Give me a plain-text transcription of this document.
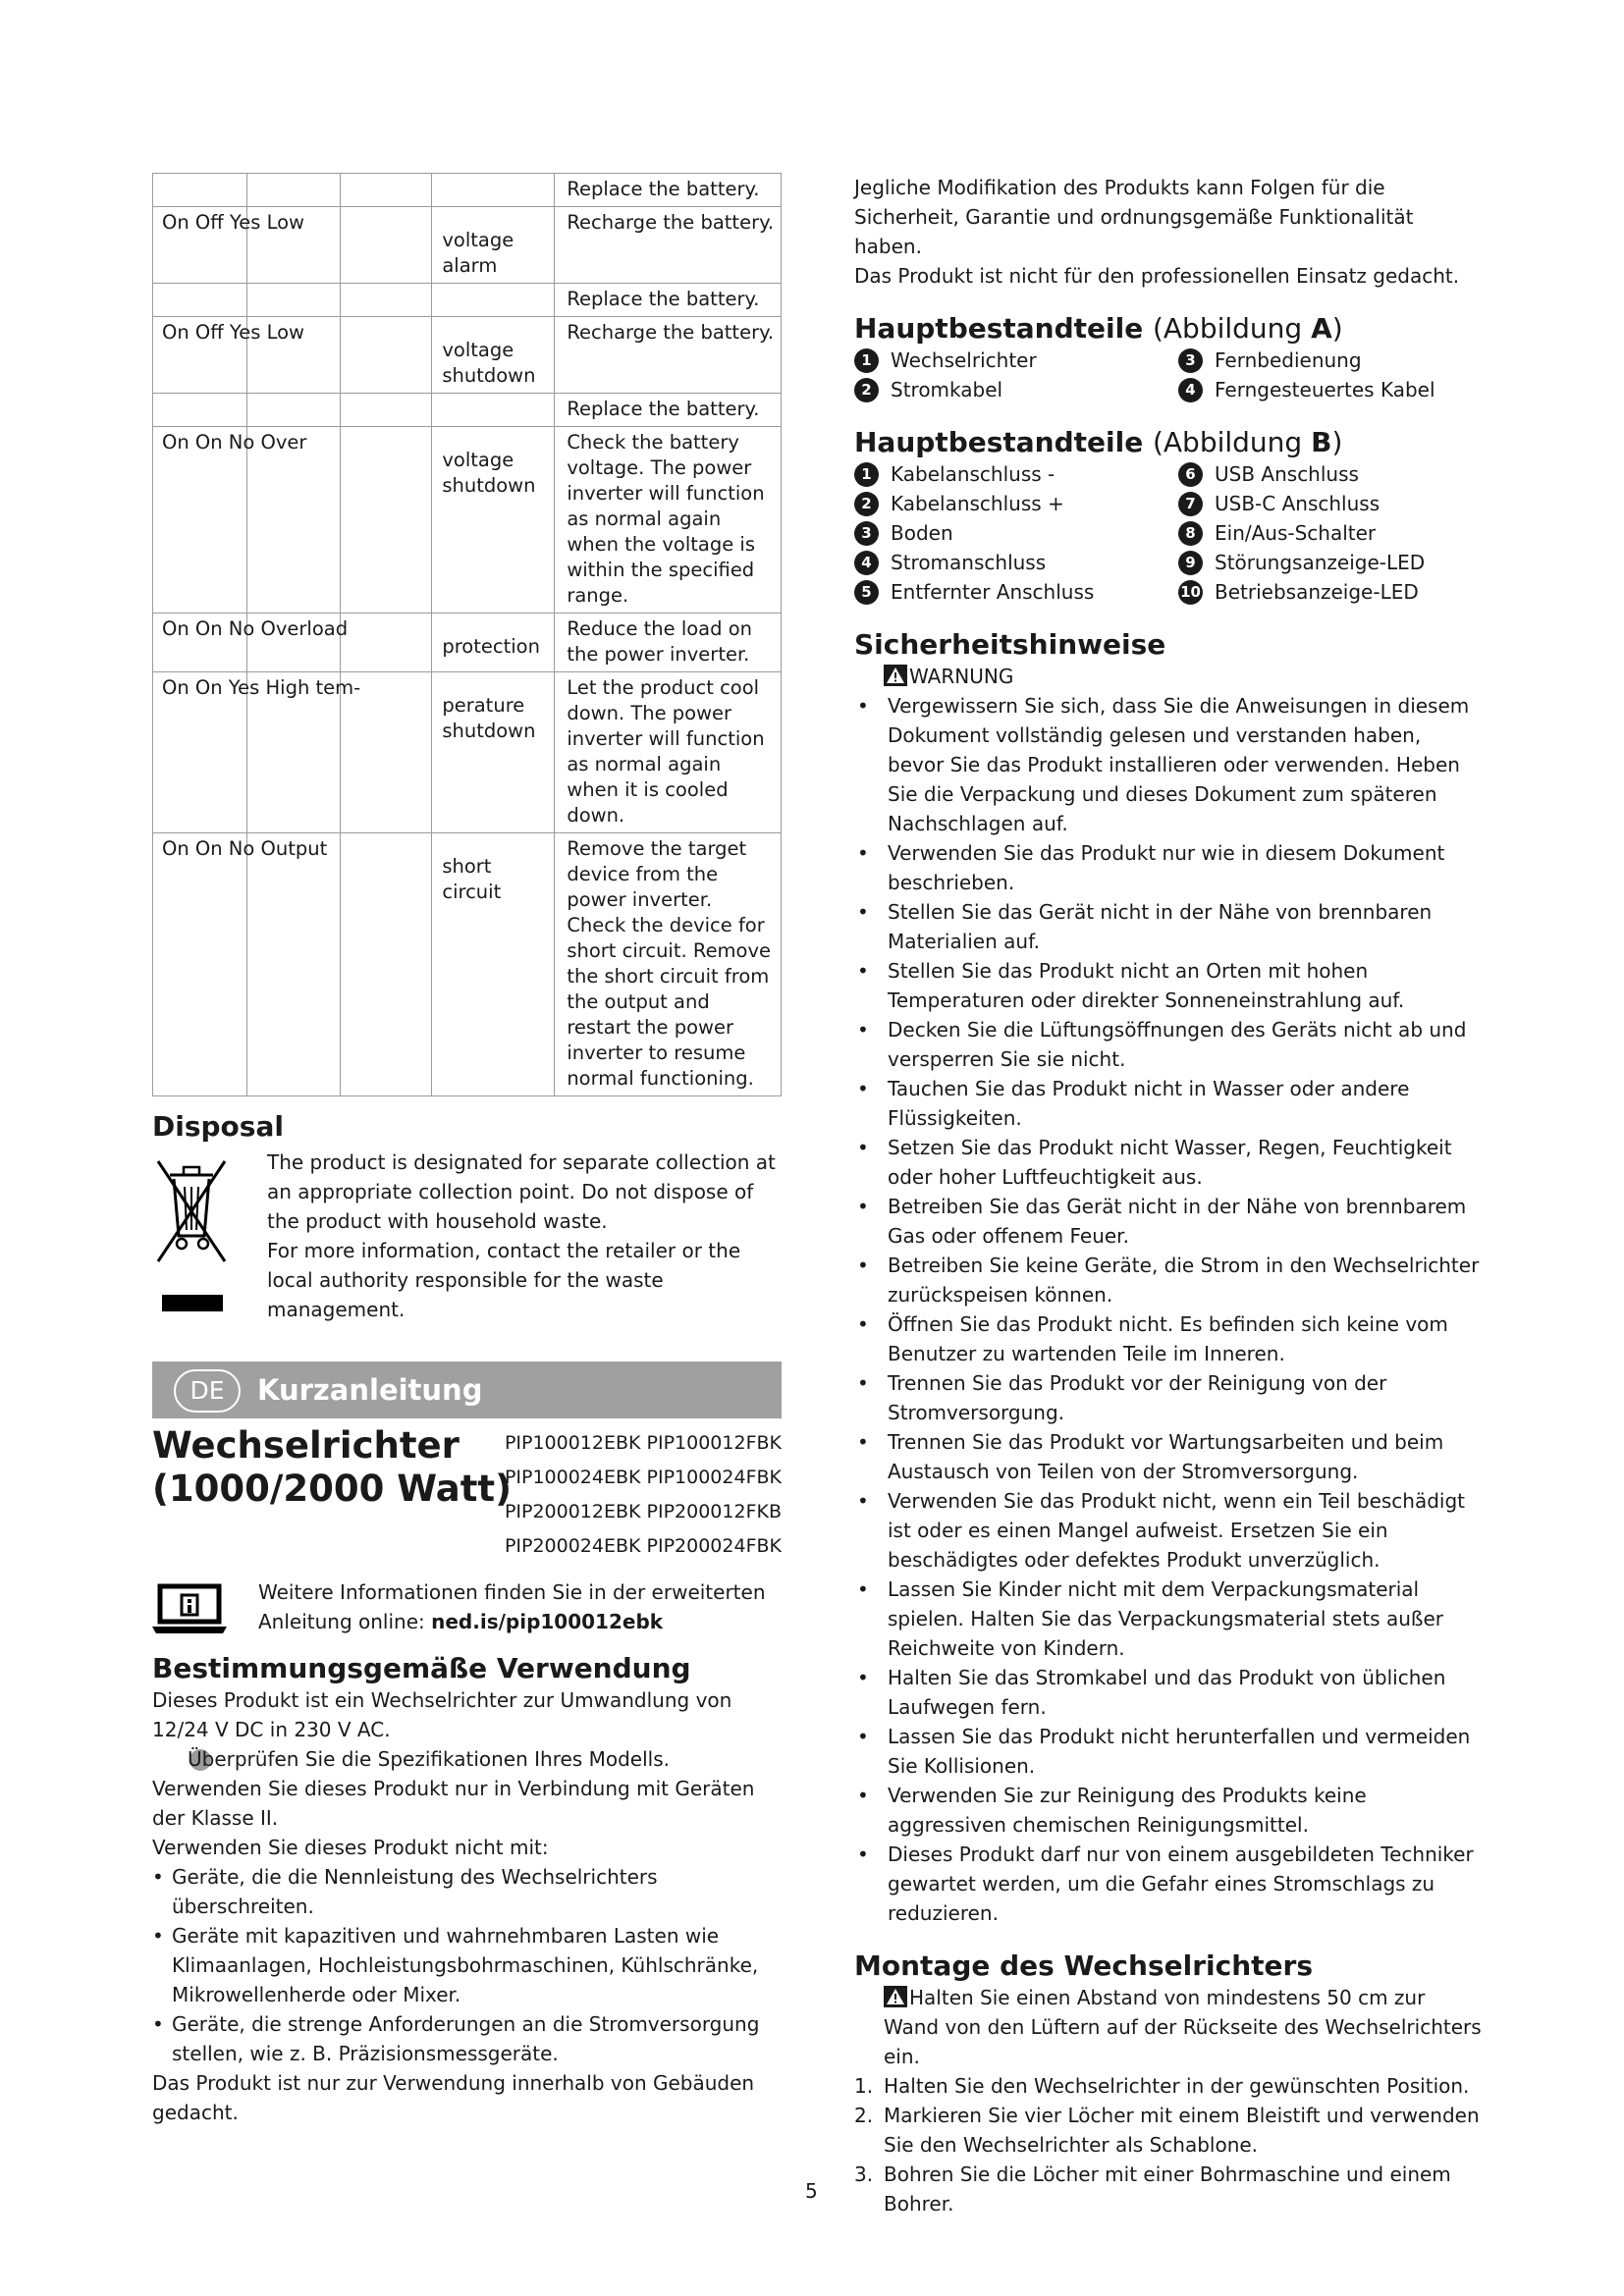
	Replace the battery.

On Off Yes Low	voltage alarm	Recharge the battery.

	Replace the battery.

On Off Yes Low	voltage shutdown	Recharge the battery.

	Replace the battery.

On On No Over	voltage shutdown	Check the battery voltage. The power inverter will function as normal again when the voltage is within the specified range.

On On No Overload	protection	Reduce the load on the power inverter.

On On Yes High tem-	perature shutdown	Let the product cool down. The power inverter will function as normal again when it is cooled down.

On On No Output	short circuit	Remove the target device from the power inverter. Check the device for short circuit. Remove the short circuit from the output and restart the power inverter to resume normal functioning.
Disposal

The product is designated for separate collection at an appropriate collection point. Do not dispose of the product with household waste.

For more information, contact the retailer or the local authority responsible for the waste management.

DE	Kurzanleitung
Wechselrichter
(1000/2000 Watt)
PIP100012EBK PIP100012FBK
PIP100024EBK PIP100024FBK
PIP200012EBK PIP200012FKB
PIP200024EBK PIP200024FBK
Weitere Informationen finden Sie in der erweiterten
Anleitung online: ned.is/pip100012ebk
Bestimmungsgemäße Verwendung

Dieses Produkt ist ein Wechselrichter zur Umwandlung von 12/24 V DC in 230 V AC.

Überprüfen Sie die Spezifikationen Ihres Modells.

Verwenden Sie dieses Produkt nur in Verbindung mit Geräten der Klasse II.

Verwenden Sie dieses Produkt nicht mit:

• Geräte, die die Nennleistung des Wechselrichters überschreiten.
• Geräte mit kapazitiven und wahrnehmbaren Lasten wie Klimaanlagen, Hochleistungsbohrmaschinen, Kühlschränke, Mikrowellenherde oder Mixer.
• Geräte, die strenge Anforderungen an die Stromversorgung stellen, wie z. B. Präzisionsmessgeräte.

Das Produkt ist nur zur Verwendung innerhalb von Gebäuden gedacht.

Jegliche Modifikation des Produkts kann Folgen für die Sicherheit, Garantie und ordnungsgemäße Funktionalität haben.

Das Produkt ist nicht für den professionellen Einsatz gedacht.

Hauptbestandteile (Abbildung A)
1 Wechselrichter	3 Fernbedienung
2 Stromkabel	4 Ferngesteuertes Kabel
Hauptbestandteile (Abbildung B)
1 Kabelanschluss -	6 USB Anschluss
2 Kabelanschluss +	7 USB-C Anschluss
3 Boden	8 Ein/Aus-Schalter
4 Stromanschluss	9 Störungsanzeige-LED
5 Entfernter Anschluss	10 Betriebsanzeige-LED
Sicherheitshinweise
WARNUNG
• Vergewissern Sie sich, dass Sie die Anweisungen in diesem Dokument vollständig gelesen und verstanden haben, bevor Sie das Produkt installieren oder verwenden. Heben Sie die Verpackung und dieses Dokument zum späteren Nachschlagen auf.
• Verwenden Sie das Produkt nur wie in diesem Dokument beschrieben.
• Stellen Sie das Gerät nicht in der Nähe von brennbaren Materialien auf.
• Stellen Sie das Produkt nicht an Orten mit hohen Temperaturen oder direkter Sonneneinstrahlung auf.
• Decken Sie die Lüftungsöffnungen des Geräts nicht ab und versperren Sie sie nicht.
• Tauchen Sie das Produkt nicht in Wasser oder andere Flüssigkeiten.
• Setzen Sie das Produkt nicht Wasser, Regen, Feuchtigkeit oder hoher Luftfeuchtigkeit aus.
• Betreiben Sie das Gerät nicht in der Nähe von brennbarem Gas oder offenem Feuer.
• Betreiben Sie keine Geräte, die Strom in den Wechselrichter zurückspeisen können.
• Öffnen Sie das Produkt nicht. Es befinden sich keine vom Benutzer zu wartenden Teile im Inneren.
• Trennen Sie das Produkt vor der Reinigung von der Stromversorgung.
• Trennen Sie das Produkt vor Wartungsarbeiten und beim Austausch von Teilen von der Stromversorgung.
• Verwenden Sie das Produkt nicht, wenn ein Teil beschädigt ist oder es einen Mangel aufweist. Ersetzen Sie ein beschädigtes oder defektes Produkt unverzüglich.
• Lassen Sie Kinder nicht mit dem Verpackungsmaterial spielen. Halten Sie das Verpackungsmaterial stets außer Reichweite von Kindern.
• Halten Sie das Stromkabel und das Produkt von üblichen Laufwegen fern.
• Lassen Sie das Produkt nicht herunterfallen und vermeiden Sie Kollisionen.
• Verwenden Sie zur Reinigung des Produkts keine aggressiven chemischen Reinigungsmittel.
• Dieses Produkt darf nur von einem ausgebildeten Techniker gewartet werden, um die Gefahr eines Stromschlags zu reduzieren.
Montage des Wechselrichters
Halten Sie einen Abstand von mindestens 50 cm zur Wand von den Lüftern auf der Rückseite des Wechselrichters ein.
1. Halten Sie den Wechselrichter in der gewünschten Position.
2. Markieren Sie vier Löcher mit einem Bleistift und verwenden Sie den Wechselrichter als Schablone.
3. Bohren Sie die Löcher mit einer Bohrmaschine und einem Bohrer.
5
